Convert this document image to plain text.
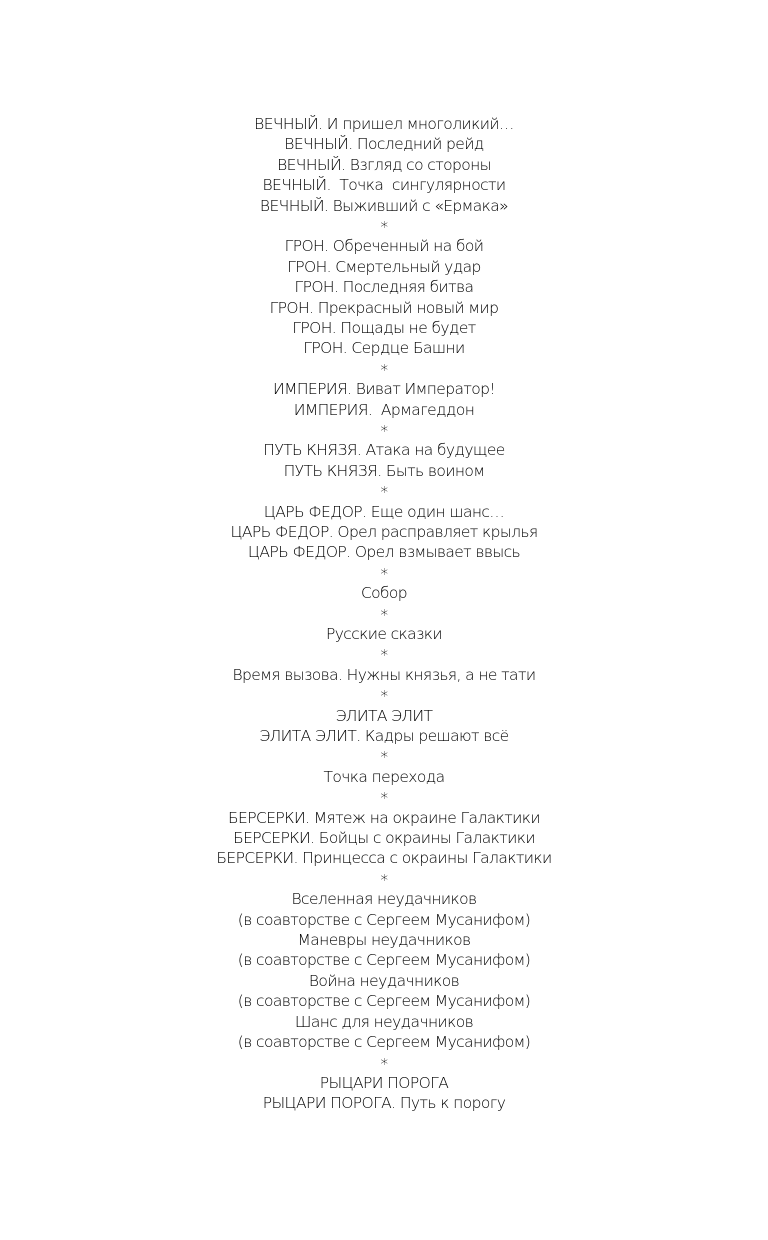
ВЕЧНЫЙ. И пришел многоликий…
ВЕЧНЫЙ. Последний рейд
ВЕЧНЫЙ. Взгляд со стороны
ВЕЧНЫЙ.  Точка  сингулярности
ВЕЧНЫЙ. Выживший с «Ермака»
*
ГРОН. Обреченный на бой
ГРОН. Смертельный удар
ГРОН. Последняя битва
ГРОН. Прекрасный новый мир
ГРОН. Пощады не будет
ГРОН. Сердце Башни
*
ИМПЕРИЯ. Виват Император!
ИМПЕРИЯ.  Армагеддон
*
ПУТЬ КНЯЗЯ. Атака на будущее
ПУТЬ КНЯЗЯ. Быть воином
*
ЦАРЬ ФЕДОР. Еще один шанс…
ЦАРЬ ФЕДОР. Орел расправляет крылья
ЦАРЬ ФЕДОР. Орел взмывает ввысь
*
Собор
*
Русские сказки
*
Время вызова. Нужны князья, а не тати
*
ЭЛИТА ЭЛИТ
ЭЛИТА ЭЛИТ. Кадры решают всё
*
Точка перехода
*
БЕРСЕРКИ. Мятеж на окраине Галактики
БЕРСЕРКИ. Бойцы с окраины Галактики
БЕРСЕРКИ. Принцесса с окраины Галактики
*
Вселенная неудачников
(в соавторстве с Сергеем Мусанифом)
Маневры неудачников
(в соавторстве с Сергеем Мусанифом)
Война неудачников
(в соавторстве с Сергеем Мусанифом)
Шанс для неудачников
(в соавторстве с Сергеем Мусанифом)
*
РЫЦАРИ ПОРОГА
РЫЦАРИ ПОРОГА. Путь к порогу
